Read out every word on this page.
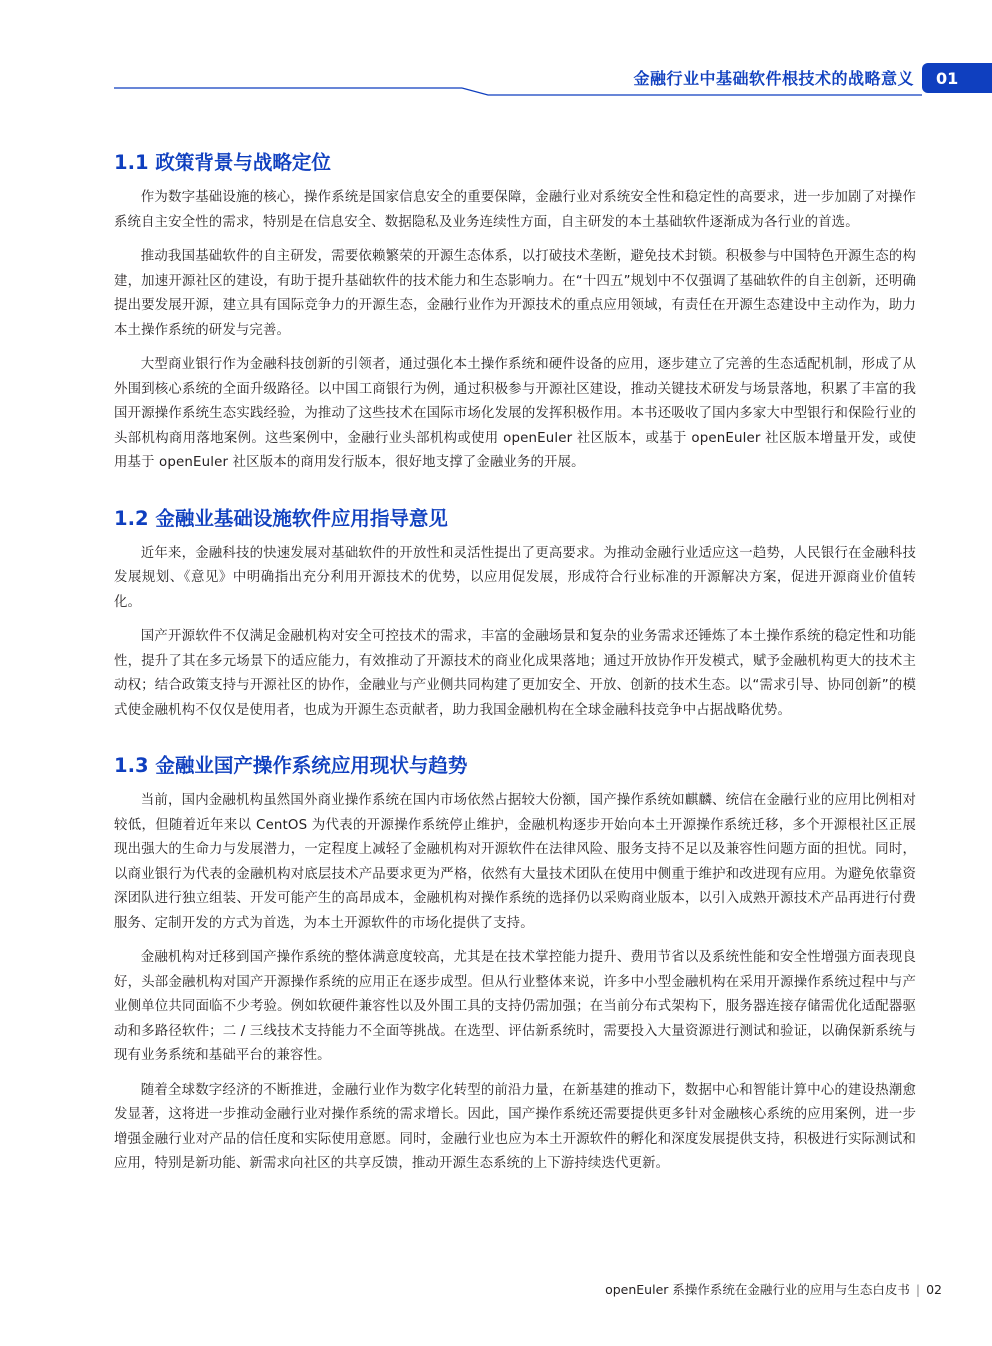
金融行业中基础软件根技术的战略意义	01
1.1 政策背景与战略定位

作为数字基础设施的核心，操作系统是国家信息安全的重要保障，金融行业对系统安全性和稳定性的高要求，进一步加剧了对操作系统自主安全性的需求，特别是在信息安全、数据隐私及业务连续性方面，自主研发的本土基础软件逐渐成为各行业的首选。

推动我国基础软件的自主研发，需要依赖繁荣的开源生态体系，以打破技术垄断，避免技术封锁。积极参与中国特色开源生态的构建，加速开源社区的建设，有助于提升基础软件的技术能力和生态影响力。在“十四五”规划中不仅强调了基础软件的自主创新，还明确提出要发展开源，建立具有国际竞争力的开源生态，金融行业作为开源技术的重点应用领域，有责任在开源生态建设中主动作为，助力本土操作系统的研发与完善。

大型商业银行作为金融科技创新的引领者，通过强化本土操作系统和硬件设备的应用，逐步建立了完善的生态适配机制，形成了从外围到核心系统的全面升级路径。以中国工商银行为例，通过积极参与开源社区建设，推动关键技术研发与场景落地，积累了丰富的我国开源操作系统生态实践经验，为推动了这些技术在国际市场化发展的发挥积极作用。本书还吸收了国内多家大中型银行和保险行业的头部机构商用落地案例。这些案例中，金融行业头部机构或使用 openEuler 社区版本，或基于 openEuler 社区版本增量开发，或使用基于 openEuler 社区版本的商用发行版本，很好地支撑了金融业务的开展。

1.2 金融业基础设施软件应用指导意见

近年来，金融科技的快速发展对基础软件的开放性和灵活性提出了更高要求。为推动金融行业适应这一趋势，人民银行在金融科技发展规划、《意见》中明确指出充分利用开源技术的优势，以应用促发展，形成符合行业标准的开源解决方案，促进开源商业价值转化。

国产开源软件不仅满足金融机构对安全可控技术的需求，丰富的金融场景和复杂的业务需求还锤炼了本土操作系统的稳定性和功能性，提升了其在多元场景下的适应能力，有效推动了开源技术的商业化成果落地；通过开放协作开发模式，赋予金融机构更大的技术主动权；结合政策支持与开源社区的协作，金融业与产业侧共同构建了更加安全、开放、创新的技术生态。以“需求引导、协同创新”的模式使金融机构不仅仅是使用者，也成为开源生态贡献者，助力我国金融机构在全球金融科技竞争中占据战略优势。

1.3 金融业国产操作系统应用现状与趋势

当前，国内金融机构虽然国外商业操作系统在国内市场依然占据较大份额，国产操作系统如麒麟、统信在金融行业的应用比例相对较低，但随着近年来以 CentOS 为代表的开源操作系统停止维护，金融机构逐步开始向本土开源操作系统迁移，多个开源根社区正展现出强大的生命力与发展潜力，一定程度上减轻了金融机构对开源软件在法律风险、服务支持不足以及兼容性问题方面的担忧。同时，以商业银行为代表的金融机构对底层技术产品要求更为严格，依然有大量技术团队在使用中侧重于维护和改进现有应用。为避免依靠资深团队进行独立组装、开发可能产生的高昂成本，金融机构对操作系统的选择仍以采购商业版本，以引入成熟开源技术产品再进行付费服务、定制开发的方式为首选，为本土开源软件的市场化提供了支持。

金融机构对迁移到国产操作系统的整体满意度较高，尤其是在技术掌控能力提升、费用节省以及系统性能和安全性增强方面表现良好，头部金融机构对国产开源操作系统的应用正在逐步成型。但从行业整体来说，许多中小型金融机构在采用开源操作系统过程中与产业侧单位共同面临不少考验。例如软硬件兼容性以及外围工具的支持仍需加强；在当前分布式架构下，服务器连接存储需优化适配器驱动和多路径软件；二 / 三线技术支持能力不全面等挑战。在选型、评估新系统时，需要投入大量资源进行测试和验证，以确保新系统与现有业务系统和基础平台的兼容性。

随着全球数字经济的不断推进，金融行业作为数字化转型的前沿力量，在新基建的推动下，数据中心和智能计算中心的建设热潮愈发显著，这将进一步推动金融行业对操作系统的需求增长。因此，国产操作系统还需要提供更多针对金融核心系统的应用案例，进一步增强金融行业对产品的信任度和实际使用意愿。同时，金融行业也应为本土开源软件的孵化和深度发展提供支持，积极进行实际测试和应用，特别是新功能、新需求向社区的共享反馈，推动开源生态系统的上下游持续迭代更新。

openEuler 系操作系统在金融行业的应用与生态白皮书 | 02
